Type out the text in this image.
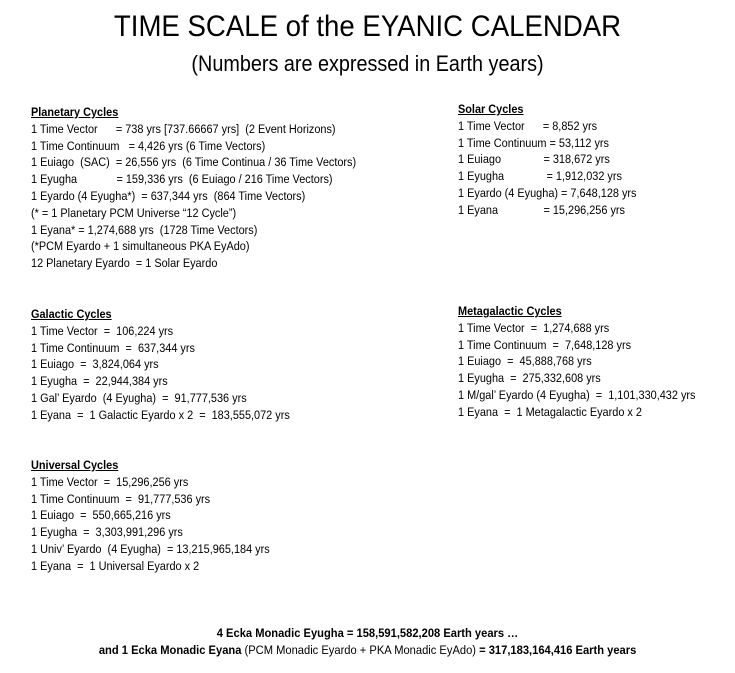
TIME SCALE of the EYANIC CALENDAR
(Numbers are expressed in Earth years)
Planetary Cycles
1 Time Vector      = 738 yrs [737.66667 yrs]  (2 Event Horizons)
1 Time Continuum   = 4,426 yrs (6 Time Vectors)
1 Euiago  (SAC)  = 26,556 yrs  (6 Time Continua / 36 Time Vectors)
1 Eyugha             = 159,336 yrs  (6 Euiago / 216 Time Vectors)
1 Eyardo (4 Eyugha*)  = 637,344 yrs  (864 Time Vectors)
(* = 1 Planetary PCM Universe “12 Cycle”)
1 Eyana* = 1,274,688 yrs  (1728 Time Vectors)
(*PCM Eyardo + 1 simultaneous PKA EyAdo)
12 Planetary Eyardo  = 1 Solar Eyardo
Solar Cycles
1 Time Vector      = 8,852 yrs
1 Time Continuum = 53,112 yrs
1 Euiago              = 318,672 yrs
1 Eyugha              = 1,912,032 yrs
1 Eyardo (4 Eyugha) = 7,648,128 yrs
1 Eyana               = 15,296,256 yrs
Galactic Cycles
1 Time Vector  =  106,224 yrs
1 Time Continuum  =  637,344 yrs
1 Euiago  =  3,824,064 yrs
1 Eyugha  =  22,944,384 yrs
1 Gal’ Eyardo  (4 Eyugha)  =  91,777,536 yrs
1 Eyana  =  1 Galactic Eyardo x 2  =  183,555,072 yrs
Metagalactic Cycles
1 Time Vector  =  1,274,688 yrs
1 Time Continuum  =  7,648,128 yrs
1 Euiago  =  45,888,768 yrs
1 Eyugha  =  275,332,608 yrs
1 M/gal’ Eyardo (4 Eyugha)  =  1,101,330,432 yrs
1 Eyana  =  1 Metagalactic Eyardo x 2
Universal Cycles
1 Time Vector  =  15,296,256 yrs
1 Time Continuum  =  91,777,536 yrs
1 Euiago  =  550,665,216 yrs
1 Eyugha  =  3,303,991,296 yrs
1 Univ’ Eyardo  (4 Eyugha)  = 13,215,965,184 yrs
1 Eyana  =  1 Universal Eyardo x 2
4 Ecka Monadic Eyugha = 158,591,582,208 Earth years …
and 1 Ecka Monadic Eyana (PCM Monadic Eyardo + PKA Monadic EyAdo) = 317,183,164,416 Earth years
